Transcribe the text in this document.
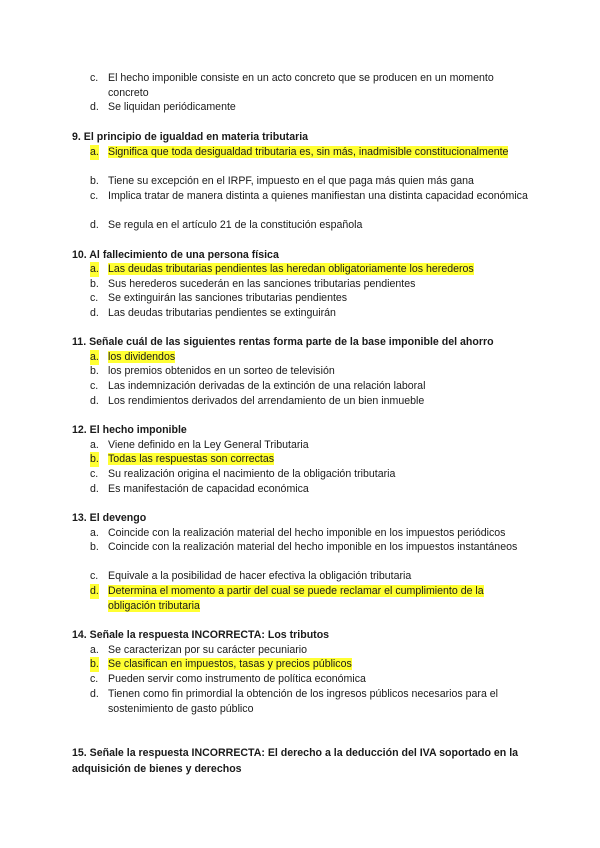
c. El hecho imponible consiste en un acto concreto que se producen en un momento concreto
d. Se liquidan periódicamente
9. El principio de igualdad en materia tributaria
a. Significa que toda desigualdad tributaria es, sin más, inadmisible constitucionalmente
b. Tiene su excepción en el IRPF, impuesto en el que paga más quien más gana
c. Implica tratar de manera distinta a quienes manifiestan una distinta capacidad económica
d. Se regula en el artículo 21 de la constitución española
10. Al fallecimiento de una persona física
a. Las deudas tributarias pendientes las heredan obligatoriamente los herederos
b. Sus herederos sucederán en las sanciones tributarias pendientes
c. Se extinguirán las sanciones tributarias pendientes
d. Las deudas tributarias pendientes se extinguirán
11. Señale cuál de las siguientes rentas forma parte de la base imponible del ahorro
a. los dividendos
b. los premios obtenidos en un sorteo de televisión
c. Las indemnización derivadas de la extinción de una relación laboral
d. Los rendimientos derivados del arrendamiento de un bien inmueble
12. El hecho imponible
a. Viene definido en la Ley General Tributaria
b. Todas las respuestas son correctas
c. Su realización origina el nacimiento de la obligación tributaria
d. Es manifestación de capacidad económica
13. El devengo
a. Coincide con la realización material del hecho imponible en los impuestos periódicos
b. Coincide con la realización material del hecho imponible en los impuestos instantáneos
c. Equivale a la posibilidad de hacer efectiva la obligación tributaria
d. Determina el momento a partir del cual se puede reclamar el cumplimiento de la obligación tributaria
14. Señale la respuesta INCORRECTA: Los tributos
a. Se caracterizan por su carácter pecuniario
b. Se clasifican en impuestos, tasas y precios públicos
c. Pueden servir como instrumento de política económica
d. Tienen como fin primordial la obtención de los ingresos públicos necesarios para el sostenimiento de gasto público
15. Señale la respuesta INCORRECTA: El derecho a la deducción del IVA soportado en la adquisición de bienes y derechos
